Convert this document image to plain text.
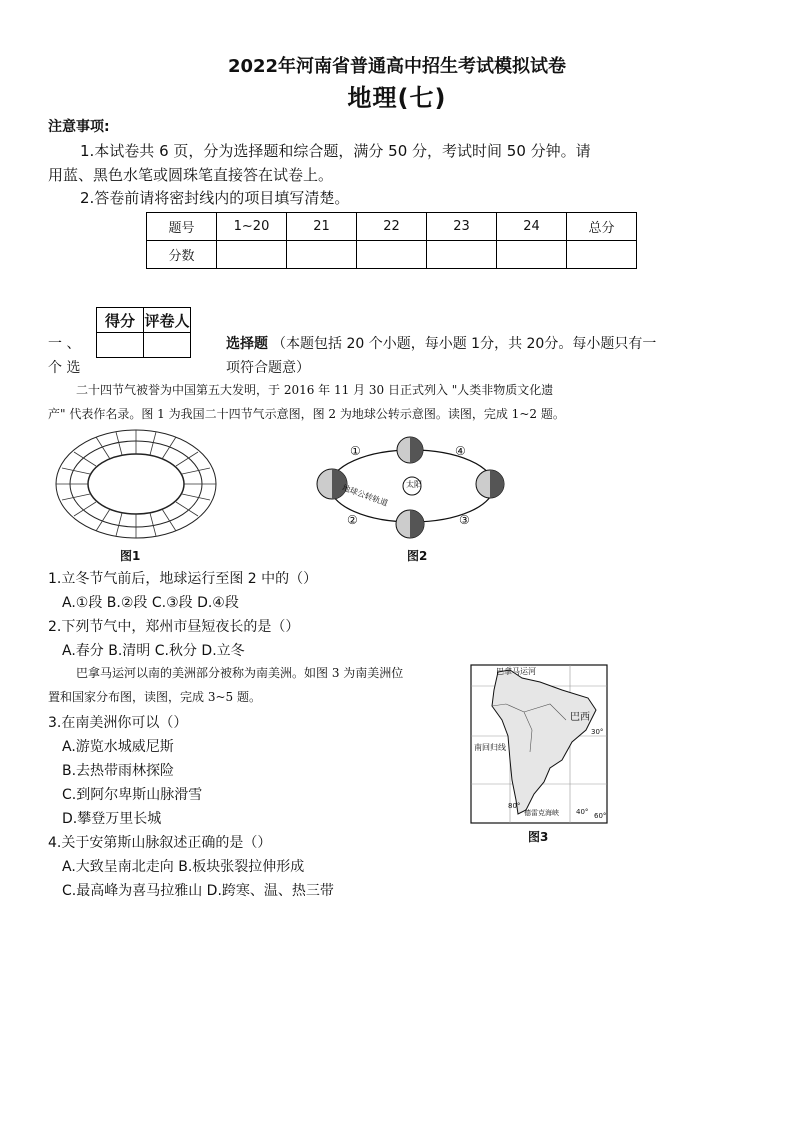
2022年河南省普通高中招生考试模拟试卷
地理(七)
注意事项:
1.本试卷共 6 页，分为选择题和综合题，满分 50 分，考试时间 50 分钟。请
用蓝、黑色水笔或圆珠笔直接答在试卷上。
2.答卷前请将密封线内的项目填写清楚。
题号	1~20	21	22	23	24	总分
分数						
得分	评卷人

一 、
个 选
选择题 （本题包括 20 个小题，每小题 1分，共 20分。每小题只有一
项符合题意）
二十四节气被誉为中国第五大发明，于 2016 年 11 月 30 日正式列入 "人类非物质文化遗
产" 代表作名录。图 1 为我国二十四节气示意图，图 2 为地球公转示意图。读图，完成 1~2 题。
图1
太阳
地球公转轨道
①
②	③
④
图2
1.立冬节气前后，地球运行至图 2 中的（）
A.①段 B.②段 C.③段 D.④段
2.下列节气中，郑州市昼短夜长的是（）
A.春分 B.清明 C.秋分 D.立冬
巴拿马运河以南的美洲部分被称为南美洲。如图 3 为南美洲位
置和国家分布图，读图，完成 3~5 题。
巴拿马运河
巴西
南回归线
30°
80°
40° 60°
德雷克海峡
图3
3.在南美洲你可以（）
A.游览水城威尼斯
B.去热带雨林探险
C.到阿尔卑斯山脉滑雪
D.攀登万里长城
4.关于安第斯山脉叙述正确的是（）
A.大致呈南北走向 B.板块张裂拉伸形成
C.最高峰为喜马拉雅山 D.跨寒、温、热三带
